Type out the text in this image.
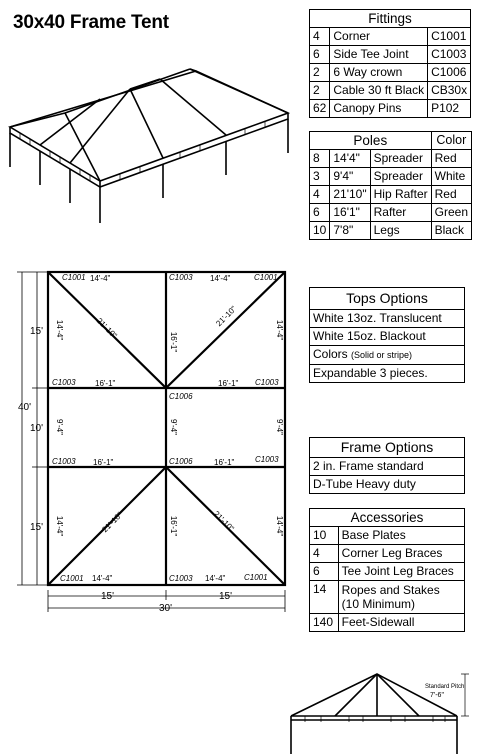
30x40 Frame Tent	Fittings		
4	Corner	C1001
6	Side Tee Joint	C1003
2	6 Way crown	C1006
2	Cable 30 ft Black	CB30x
62	Canopy Pins	P102
Poles			Color
8	14'4"	Spreader	Red
3	9'4"	Spreader	White
4	21'10"	Hip Rafter	Red
6	16'1"	Rafter	Green
10	7'8"	Legs	Black
Tops Options
White 13oz. Translucent
White 15oz. Blackout
Colors (Solid or stripe)
Expandable 3 pieces.
Frame Options
2 in. Frame standard
D-Tube Heavy duty
Accessories	
10	Base Plates
4	Corner Leg Braces
6	Tee Joint Leg Braces
14	Ropes and Stakes
(10 Minimum)
140	Feet-Sidewall
C1001	C1003	C1001
C1003	C1003
C1006
C1003	C1006	C1003
C1001	C1003	C1001
14'-4"	14'-4"
14'-4"	14'-4"
16'-1"	16'-1"
16'-1"	16'-1"
21'-10"
21'-10"
21'-10"	21'-10"
14'-4"	14'-4"
16'-1"
9'-4"	9'-4"	9'-4"
14'-4"	16'-1"	14'-4"
15'
10'
15'
40'
15'	15'
30'
Standard Pitch
7'-6"
